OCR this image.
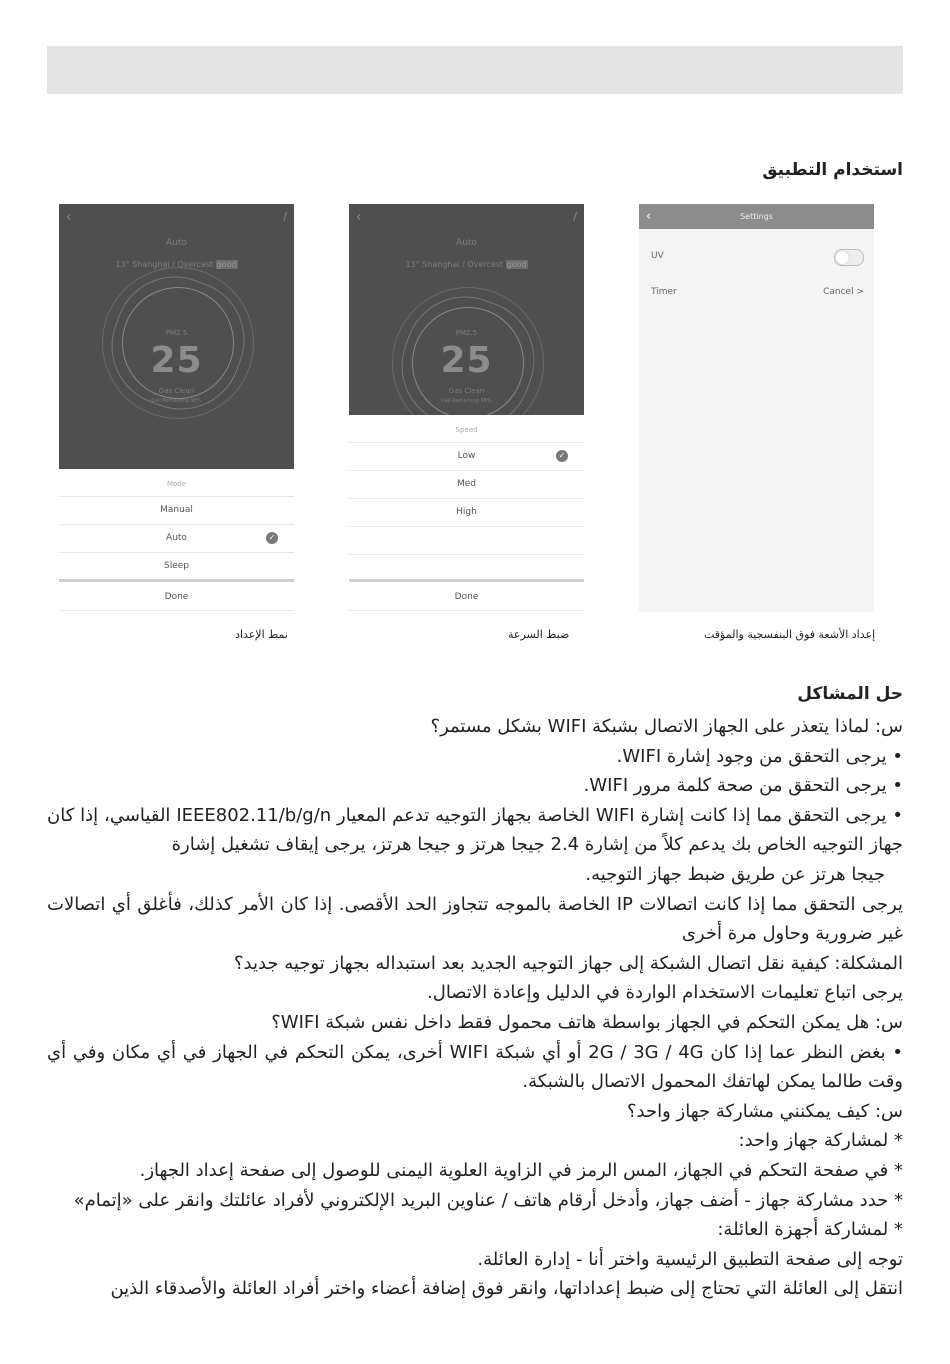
استخدام التطبيق
‹	∕
Auto
13° Shanghai / Overcast good
PM2.5
25
Gas Clean
Cell Remaining 98%
Mode
Manual
Auto	✓
Sleep
Done
‹	∕
Auto
13° Shanghai / Overcast good
PM2.5
25
Gas Clean
Cell Remaining 98%
Speed
Low	✓
Med
High
Done
‹	Settings
UV
Timer	Cancel >
نمط الإعداد	ضبط السرعة	إعداد الأشعة فوق البنفسجية والمؤقت
حل المشاكل

س: لماذا يتعذر على الجهاز الاتصال بشبكة WIFI بشكل مستمر؟

• يرجى التحقق من وجود إشارة WIFI.

• يرجى التحقق من صحة كلمة مرور WIFI.

• يرجى التحقق مما إذا كانت إشارة WIFI الخاصة بجهاز التوجيه تدعم المعيار IEEE802.11/b/g/n القياسي، إذا كان جهاز التوجيه الخاص بك يدعم كلاً من إشارة 2.4 جيجا هرتز و جيجا هرتز، يرجى إيقاف تشغيل إشارة

جيجا هرتز عن طريق ضبط جهاز التوجيه.

يرجى التحقق مما إذا كانت اتصالات IP الخاصة بالموجه تتجاوز الحد الأقصى. إذا كان الأمر كذلك، فأغلق أي اتصالات غير ضرورية وحاول مرة أخرى

المشكلة: كيفية نقل اتصال الشبكة إلى جهاز التوجيه الجديد بعد استبداله بجهاز توجيه جديد؟

يرجى اتباع تعليمات الاستخدام الواردة في الدليل وإعادة الاتصال.

س: هل يمكن التحكم في الجهاز بواسطة هاتف محمول فقط داخل نفس شبكة WIFI؟

• بغض النظر عما إذا كان 2G / 3G / 4G أو أي شبكة WIFI أخرى، يمكن التحكم في الجهاز في أي مكان وفي أي وقت طالما يمكن لهاتفك المحمول الاتصال بالشبكة.

س: كيف يمكنني مشاركة جهاز واحد؟

* لمشاركة جهاز واحد:

* في صفحة التحكم في الجهاز، المس الرمز في الزاوية العلوية اليمنى للوصول إلى صفحة إعداد الجهاز.

* حدد مشاركة جهاز - أضف جهاز، وأدخل أرقام هاتف / عناوين البريد الإلكتروني لأفراد عائلتك وانقر على «إتمام»

* لمشاركة أجهزة العائلة:

توجه إلى صفحة التطبيق الرئيسية واختر أنا - إدارة العائلة.

انتقل إلى العائلة التي تحتاج إلى ضبط إعداداتها، وانقر فوق إضافة أعضاء واختر أفراد العائلة والأصدقاء الذين
